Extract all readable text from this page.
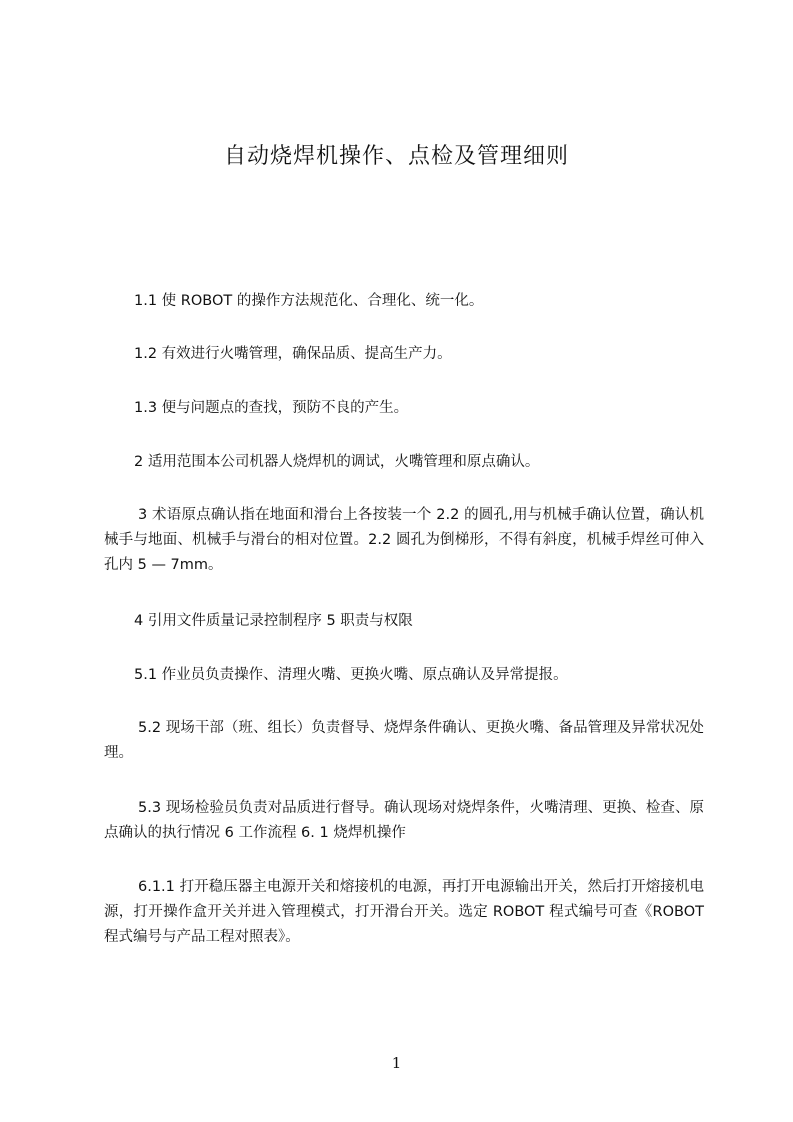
自动烧焊机操作、点检及管理细则

1.1 使 ROBOT 的操作方法规范化、合理化、统一化。

1.2 有效进行火嘴管理，确保品质、提高生产力。

1.3 便与问题点的查找，预防不良的产生。

2 适用范围本公司机器人烧焊机的调试，火嘴管理和原点确认。

3 术语原点确认指在地面和滑台上各按装一个 2.2 的圆孔,用与机械手确认位置，确认机械手与地面、机械手与滑台的相对位置。2.2 圆孔为倒梯形，不得有斜度，机械手焊丝可伸入孔内 5 — 7mm。

4 引用文件质量记录控制程序 5 职责与权限

5.1 作业员负责操作、清理火嘴、更换火嘴、原点确认及异常提报。

5.2 现场干部（班、组长）负责督导、烧焊条件确认、更换火嘴、备品管理及异常状况处理。

5.3 现场检验员负责对品质进行督导。确认现场对烧焊条件，火嘴清理、更换、检查、原点确认的执行情况 6 工作流程 6. 1 烧焊机操作

6.1.1 打开稳压器主电源开关和熔接机的电源，再打开电源输出开关，然后打开熔接机电源，打开操作盒开关并进入管理模式，打开滑台开关。选定 ROBOT 程式编号可查《ROBOT 程式编号与产品工程对照表》。

1
